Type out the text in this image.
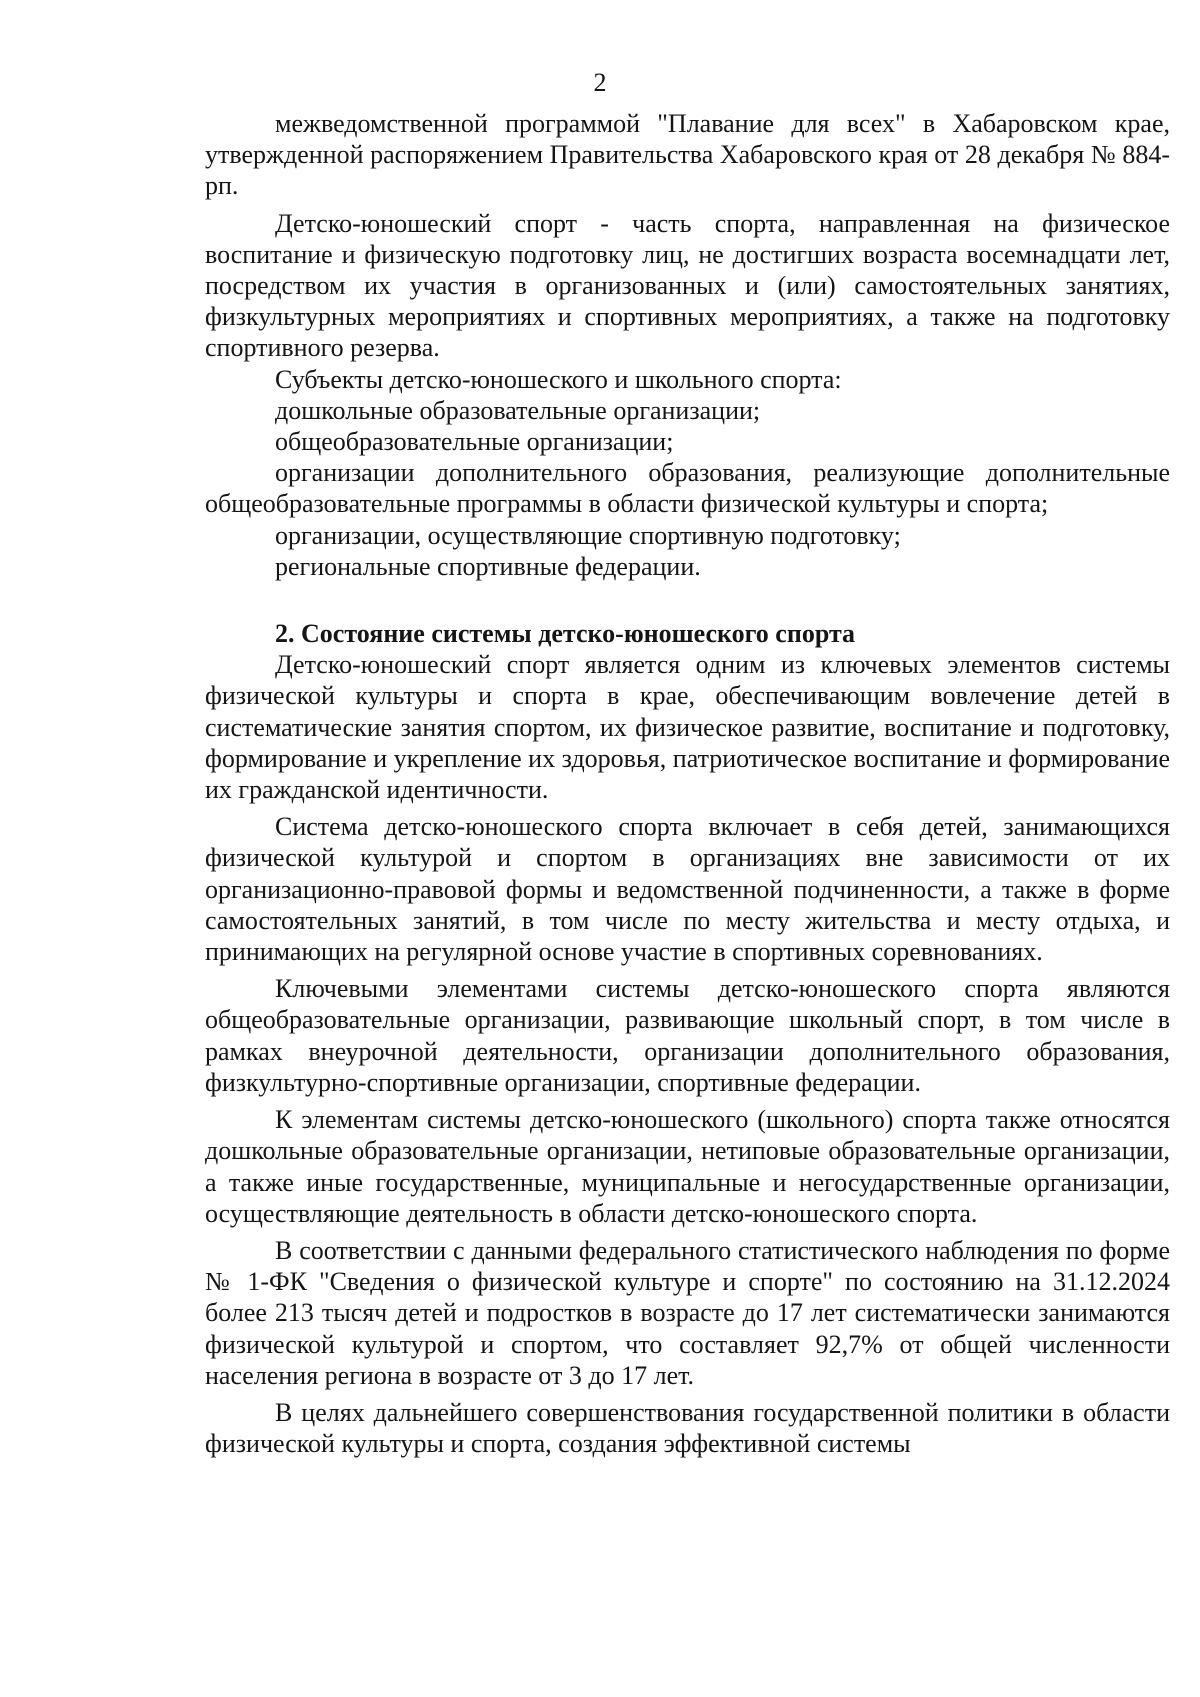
2

межведомственной программой "Плавание для всех" в Хабаровском крае, утвержденной распоряжением Правительства Хабаровского края от 28 декабря № 884-рп.

Детско-юношеский спорт - часть спорта, направленная на физическое воспитание и физическую подготовку лиц, не достигших возраста восемнадцати лет, посредством их участия в организованных и (или) самостоятельных занятиях, физкультурных мероприятиях и спортивных мероприятиях, а также на подготовку спортивного резерва.

Субъекты детско-юношеского и школьного спорта:

дошкольные образовательные организации;

общеобразовательные организации;

организации дополнительного образования, реализующие дополнительные общеобразовательные программы в области физической культуры и спорта;

организации, осуществляющие спортивную подготовку;

региональные спортивные федерации.

2. Состояние системы детско-юношеского спорта

Детско-юношеский спорт является одним из ключевых элементов системы физической культуры и спорта в крае, обеспечивающим вовлечение детей в систематические занятия спортом, их физическое развитие, воспитание и подготовку, формирование и укрепление их здоровья, патриотическое воспитание и формирование их гражданской идентичности.

Система детско-юношеского спорта включает в себя детей, занимающихся физической культурой и спортом в организациях вне зависимости от их организационно-правовой формы и ведомственной подчиненности, а также в форме самостоятельных занятий, в том числе по месту жительства и месту отдыха, и принимающих на регулярной основе участие в спортивных соревнованиях.

Ключевыми элементами системы детско-юношеского спорта являются общеобразовательные организации, развивающие школьный спорт, в том числе в рамках внеурочной деятельности, организации дополнительного образования, физкультурно-спортивные организации, спортивные федерации.

К элементам системы детско-юношеского (школьного) спорта также относятся дошкольные образовательные организации, нетиповые образовательные организации, а также иные государственные, муниципальные и негосударственные организации, осуществляющие деятельность в области детско-юношеского спорта.

В соответствии с данными федерального статистического наблюдения по форме № 1-ФК "Сведения о физической культуре и спорте" по состоянию на 31.12.2024 более 213 тысяч детей и подростков в возрасте до 17 лет систематически занимаются физической культурой и спортом, что составляет 92,7% от общей численности населения региона в возрасте от 3 до 17 лет.

В целях дальнейшего совершенствования государственной политики в области физической культуры и спорта, создания эффективной системы
